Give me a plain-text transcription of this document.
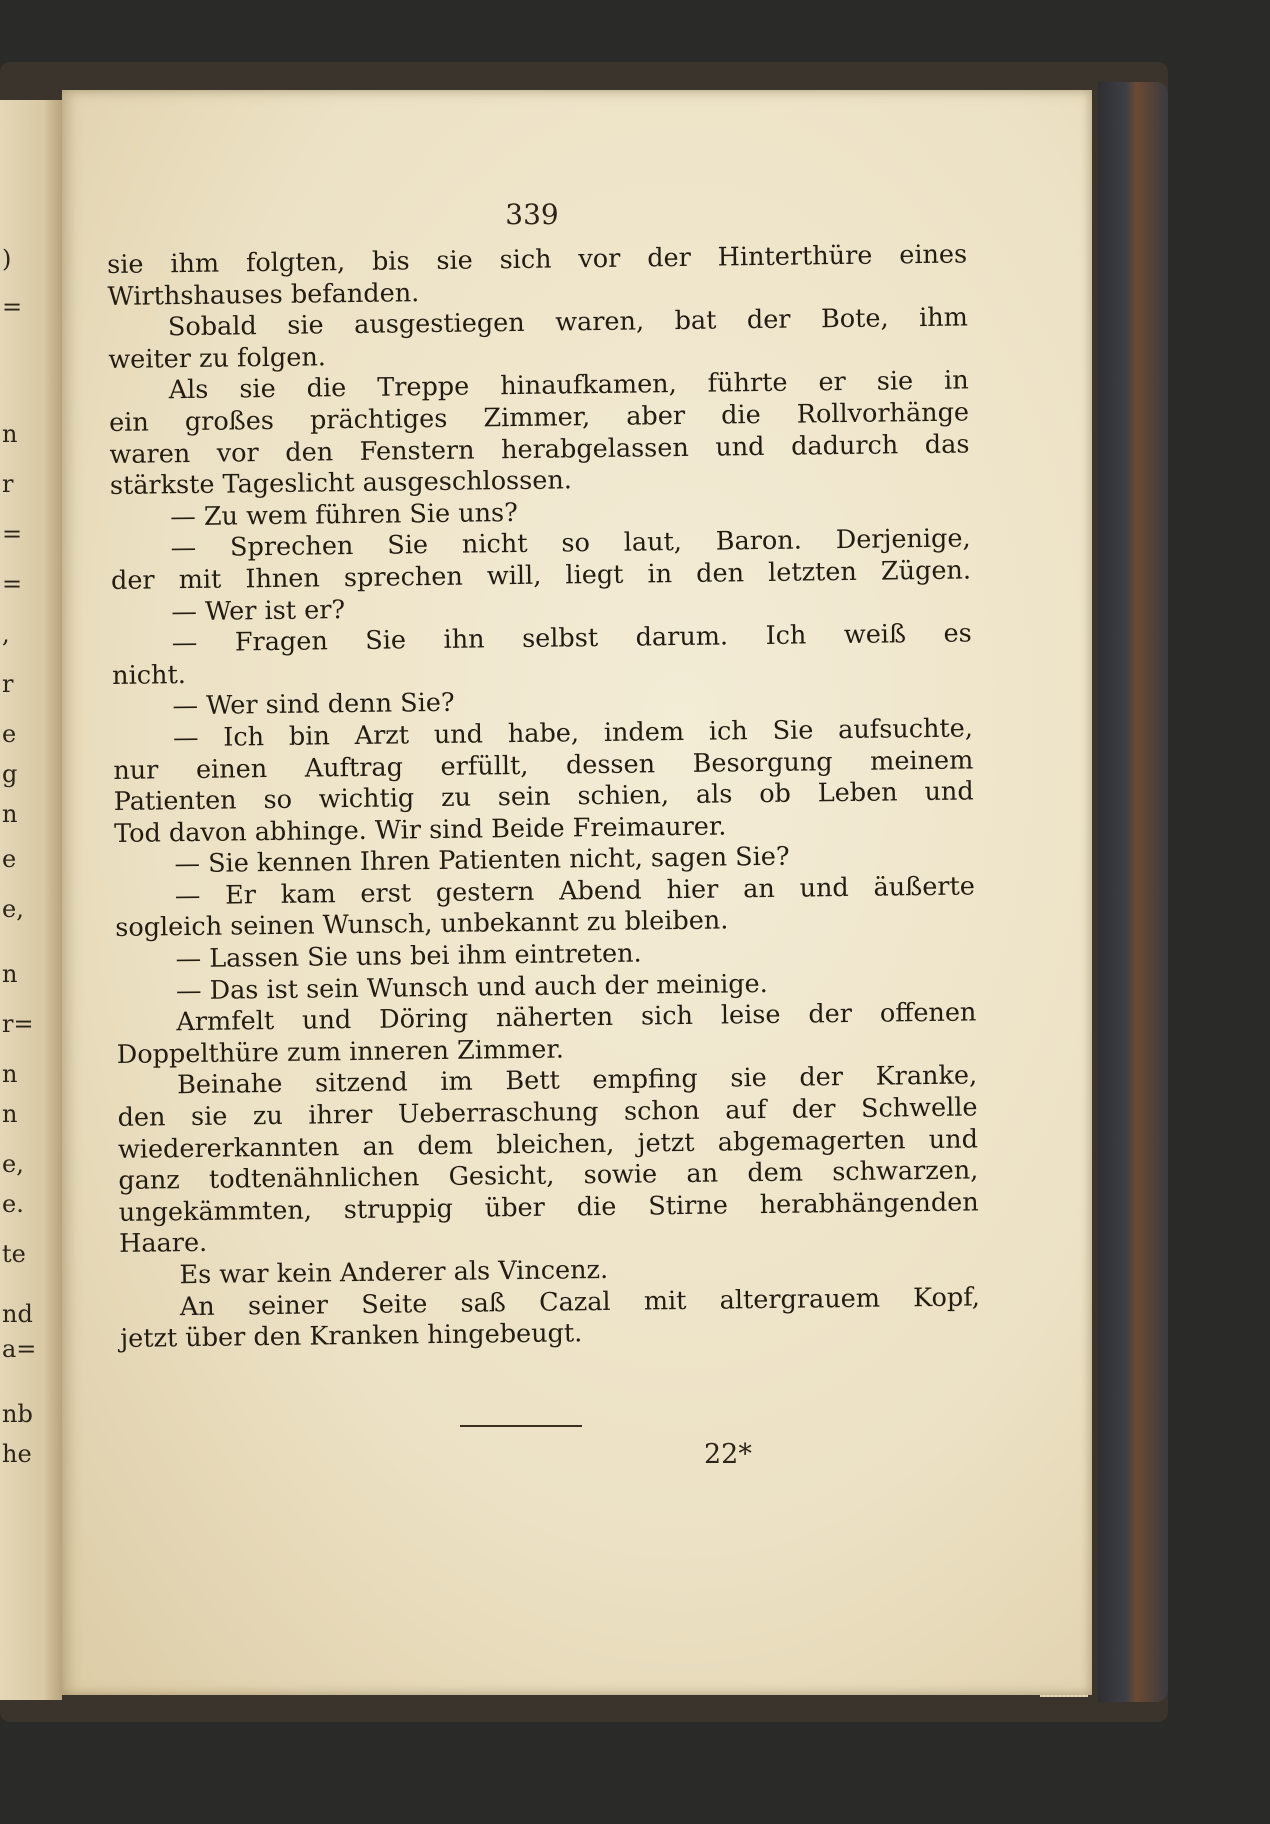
)
=
n
r
=
=
,
r
e
g
n
e
e,
n
r=
n
n
e,
e.
te
nd
a=
nb
he
339
sie ihm folgten, bis sie sich vor der Hinterthüre eines
Wirthshauses befanden.
Sobald sie ausgestiegen waren, bat der Bote, ihm
weiter zu folgen.
Als sie die Treppe hinaufkamen, führte er sie in
ein großes prächtiges Zimmer, aber die Rollvorhänge
waren vor den Fenstern herabgelassen und dadurch das
stärkste Tageslicht ausgeschlossen.
— Zu wem führen Sie uns?
— Sprechen Sie nicht so laut, Baron. Derjenige,
der mit Ihnen sprechen will, liegt in den letzten Zügen.
— Wer ist er?
— Fragen Sie ihn selbst darum. Ich weiß es
nicht.
— Wer sind denn Sie?
— Ich bin Arzt und habe, indem ich Sie aufsuchte,
nur einen Auftrag erfüllt, dessen Besorgung meinem
Patienten so wichtig zu sein schien, als ob Leben und
Tod davon abhinge. Wir sind Beide Freimaurer.
— Sie kennen Ihren Patienten nicht, sagen Sie?
— Er kam erst gestern Abend hier an und äußerte
sogleich seinen Wunsch, unbekannt zu bleiben.
— Lassen Sie uns bei ihm eintreten.
— Das ist sein Wunsch und auch der meinige.
Armfelt und Döring näherten sich leise der offenen
Doppelthüre zum inneren Zimmer.
Beinahe sitzend im Bett empfing sie der Kranke,
den sie zu ihrer Ueberraschung schon auf der Schwelle
wiedererkannten an dem bleichen, jetzt abgemagerten und
ganz todtenähnlichen Gesicht, sowie an dem schwarzen,
ungekämmten, struppig über die Stirne herabhängenden
Haare.
Es war kein Anderer als Vincenz.
An seiner Seite saß Cazal mit altergrauem Kopf,
jetzt über den Kranken hingebeugt.
22*
